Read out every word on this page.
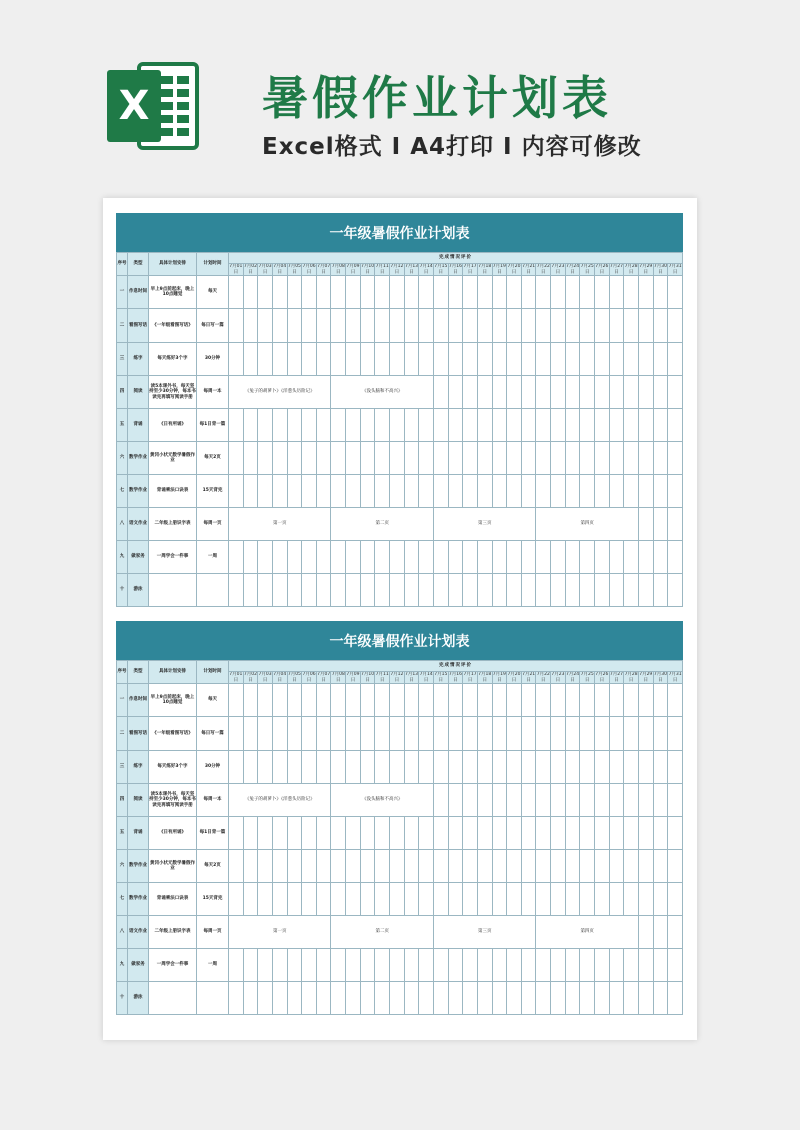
X 暑假作业计划表
Excel格式 I A4打印 I 内容可修改
一年级暑假作业计划表
序号	类型	具体计划安排	计划时间	完成情况评价																														
				7月01日	7月02日	7月03日	7月04日	7月05日	7月06日	7月07日	7月08日	7月09日	7月10日	7月11日	7月12日	7月13日	7月14日	7月15日	7月16日	7月17日	7月18日	7月19日	7月20日	7月21日	7月22日	7月23日	7月24日	7月25日	7月26日	7月27日	7月28日	7月29日	7月30日	7月31日
一	作息时间	早上9点前起床，晚上10点睡觉	每天																															
二	看图写话	《一年级看图写话》	每日写一篇																															
三	练字	每天练好3个字	30分钟																															
四	阅读	读5本课外书，每天坚持至少30分钟，每本书读完再填写阅读手册	每周一本	《兔子的胡萝卜》《洋葱头历险记》							《没头脑和不高兴》																							
五	背诵	《日有所诵》	每1日背一篇																															
六	数学作业	黄冈小状元数学暑假作业	每天2页																															
七	数学作业	背诵乘法口诀表	15天背完																															
八	语文作业	二年级上册识字表	每周一页	第一页							第二页							第三页							第四页									
九	做家务	一周学会一件事	一周																															
十	游泳																																	
一年级暑假作业计划表
序号	类型	具体计划安排	计划时间	完成情况评价																														
				7月01日	7月02日	7月03日	7月04日	7月05日	7月06日	7月07日	7月08日	7月09日	7月10日	7月11日	7月12日	7月13日	7月14日	7月15日	7月16日	7月17日	7月18日	7月19日	7月20日	7月21日	7月22日	7月23日	7月24日	7月25日	7月26日	7月27日	7月28日	7月29日	7月30日	7月31日
一	作息时间	早上9点前起床，晚上10点睡觉	每天																															
二	看图写话	《一年级看图写话》	每日写一篇																															
三	练字	每天练好3个字	30分钟																															
四	阅读	读5本课外书，每天坚持至少30分钟，每本书读完再填写阅读手册	每周一本	《兔子的胡萝卜》《洋葱头历险记》							《没头脑和不高兴》																							
五	背诵	《日有所诵》	每1日背一篇																															
六	数学作业	黄冈小状元数学暑假作业	每天2页																															
七	数学作业	背诵乘法口诀表	15天背完																															
八	语文作业	二年级上册识字表	每周一页	第一页							第二页							第三页							第四页									
九	做家务	一周学会一件事	一周																															
十	游泳																																	
